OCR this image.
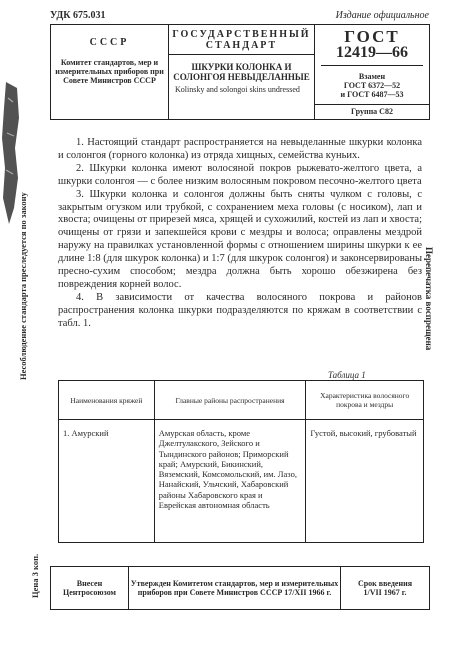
УДК 675.031	Издание официальное
СССР
Комитет стандартов, мер и измерительных приборов при Совете Министров СССР
ГОСУДАРСТВЕННЫЙ СТАНДАРТ
ШКУРКИ КОЛОНКА И СОЛОНГОЯ НЕВЫДЕЛАННЫЕ
Kolinsky and solongoi skins undressed
ГОСТ
12419—66
Взамен
ГОСТ 6372—52
и ГОСТ 6487—53
Группа С82

1. Настоящий стандарт распространяется на невыделанные шкурки колонка и солонгоя (горного колонка) из отряда хищных, семейства куньих.

2. Шкурки колонка имеют волосяной покров рыжевато-желтого цвета, а шкурки солонгоя — с более низким волосяным покровом песочно-желтого цвета

3. Шкурки колонка и солонгоя должны быть сняты чулком с головы, с закрытым огузком или трубкой, с сохранением меха головы (с носиком), лап и хвоста; очищены от прирезей мяса, хрящей и сухожилий, костей из лап и хвоста; очищены от грязи и запекшейся крови с мездры и волоса; оправлены мездрой наружу на правилках установленной формы с отношением ширины шкурки к ее длине 1:8 (для шкурок колонка) и 1:7 (для шкурок солонгоя) и законсервированы пресно-сухим способом; мездра должна быть хорошо обезжирена без повреждения корней волос.

4. В зависимости от качества волосяного покрова и районов распространения колонка шкурки подразделяются по кряжам в соответствии с табл. 1.

Таблица 1
Наименования кряжей	Главные районы распространения	Характеристика волосяного покрова и мездры
1. Амурский	Амурская область, кроме Джелтулакского, Зейского и Тындинского районов; Приморский край; Амурский, Бикинский, Вяземский, Комсомольский, им. Лазо, Нанайский, Ульчский, Хабаровский районы Хабаровского края и Еврейская автономная область	Густой, высокий, грубоватый
Внесен Центросоюзом
Утвержден Комитетом стандартов, мер и измерительных приборов при Совете Министров СССР 17/XII 1966 г.
Срок введения
1/VII 1967 г.
Несоблюдение стандарта преследуется по закону
Цена 3 коп.
Перепечатка воспрещена
